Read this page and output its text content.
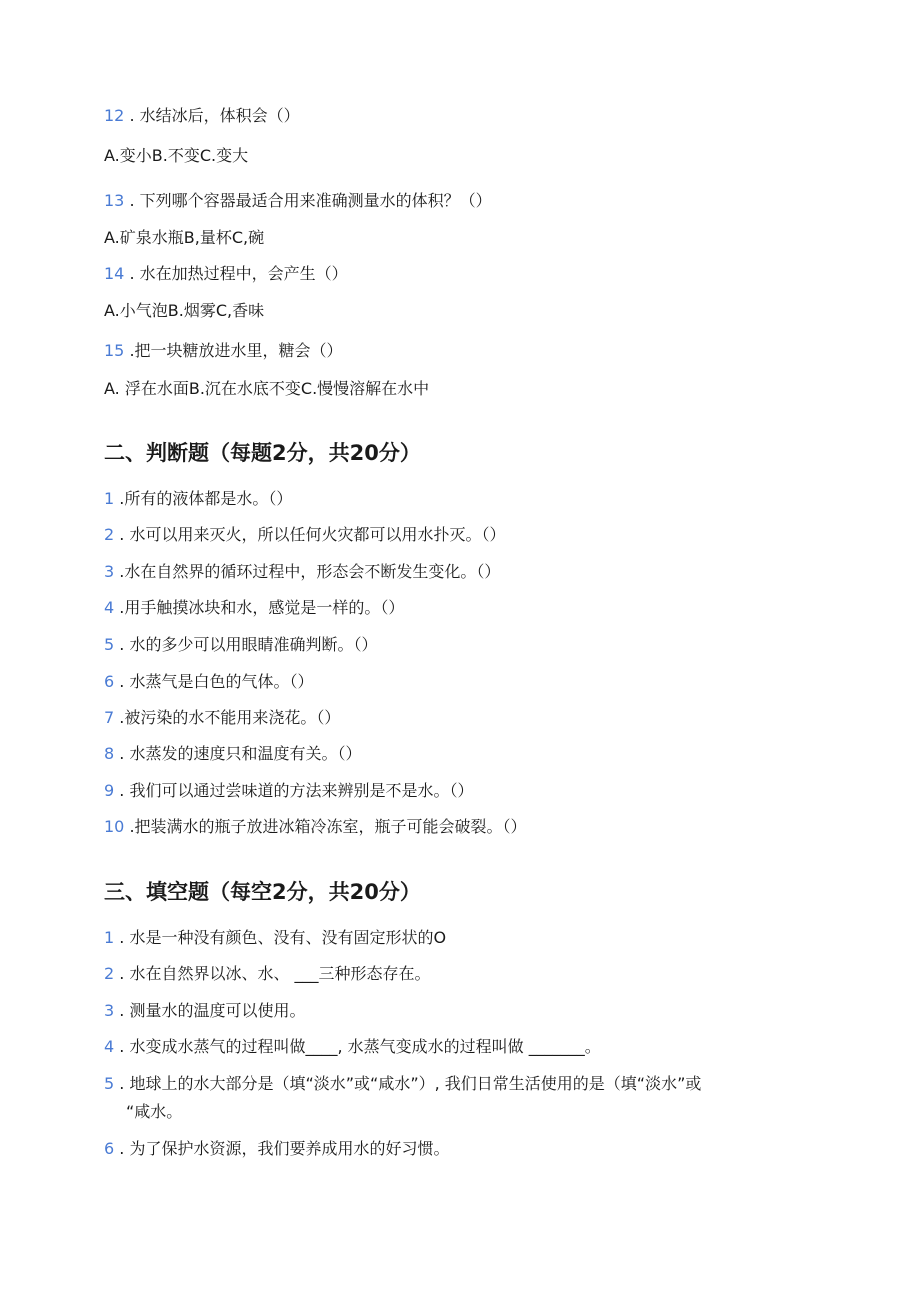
12 . 水结冰后，体积会（）

A.变小B.不变C.变大

13 . 下列哪个容器最适合用来准确测量水的体积？（）

A.矿泉水瓶B,量杯C,碗

14 . 水在加热过程中，会产生（）

A.小气泡B.烟雾C,香味

15 .把一块糖放进水里，糖会（）

A. 浮在水面B.沉在水底不变C.慢慢溶解在水中

二、判断题（每题2分，共20分）

1 .所有的液体都是水。（）

2 . 水可以用来灭火，所以任何火灾都可以用水扑灭。（）

3 .水在自然界的循环过程中，形态会不断发生变化。（）

4 .用手触摸冰块和水，感觉是一样的。（）

5 . 水的多少可以用眼睛准确判断。（）

6 . 水蒸气是白色的气体。（）

7 .被污染的水不能用来浇花。（）

8 . 水蒸发的速度只和温度有关。（）

9 . 我们可以通过尝味道的方法来辨别是不是水。（）

10 .把装满水的瓶子放进冰箱冷冻室，瓶子可能会破裂。（）

三、填空题（每空2分，共20分）

1 . 水是一种没有颜色、没有、没有固定形状的O

2 . 水在自然界以冰、水、 ___三种形态存在。

3 . 测量水的温度可以使用。

4 . 水变成水蒸气的过程叫做____, 水蒸气变成水的过程叫做 _______。

5 . 地球上的水大部分是（填“淡水”或“咸水”）, 我们日常生活使用的是（填“淡水”或

“咸水。

6 . 为了保护水资源，我们要养成用水的好习惯。
